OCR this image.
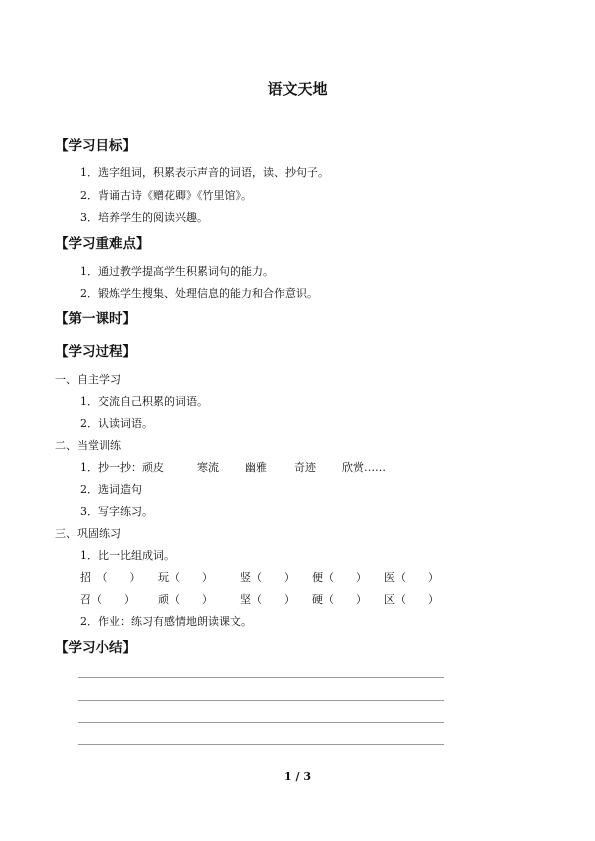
语文天地
【学习目标】
1．选字组词，积累表示声音的词语，读、抄句子。
2．背诵古诗《赠花卿》《竹里馆》。
3．培养学生的阅读兴趣。
【学习重难点】
1．通过教学提高学生积累词句的能力。
2．锻炼学生搜集、处理信息的能力和合作意识。
【第一课时】
【学习过程】
一、自主学习
1．交流自己积累的词语。
2．认读词语。
二、当堂训练
1．抄一抄：顽皮	寒流 幽雅 奇迹 欣赏……
2．选词造句
3．写字练习。
三、巩固练习
1．比一比组成词。
招　（　　） 玩（　　） 竖（　　） 便（　　） 医（　　）
召（　　） 顽（　　） 坚（　　） 硬（　　） 区（　　）
2．作业：练习有感情地朗读课文。
【学习小结】
1 / 3
